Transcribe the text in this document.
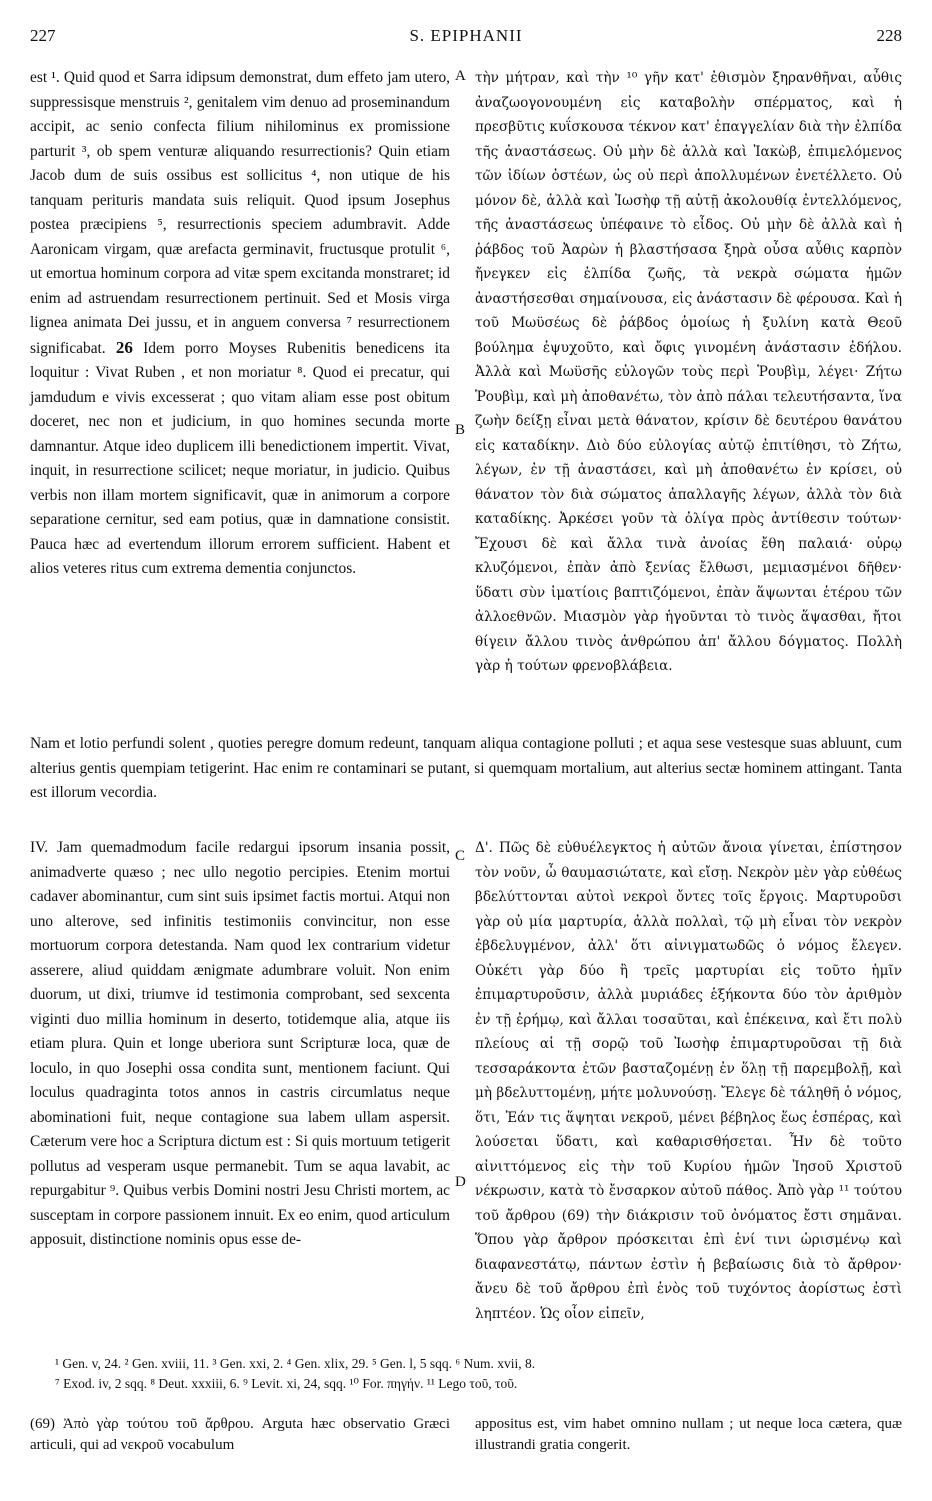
227	S. EPIPHANII	228
A
B
C
D

est ¹. Quid quod et Sarra idipsum demonstrat, dum effeto jam utero, suppressisque menstruis ², genitalem vim denuo ad proseminandum accipit, ac senio confecta filium nihilominus ex promissione parturit ³, ob spem venturæ aliquando resurrectionis? Quin etiam Jacob dum de suis ossibus est sollicitus ⁴, non utique de his tanquam perituris mandata suis reliquit. Quod ipsum Josephus postea præcipiens ⁵, resurrectionis speciem adumbravit. Adde Aaronicam virgam, quæ arefacta germinavit, fructusque protulit ⁶, ut emortua hominum corpora ad vitæ spem excitanda monstraret; id enim ad astruendam resurrectionem pertinuit. Sed et Mosis virga lignea animata Dei jussu, et in anguem conversa ⁷ resurrectionem significabat. 26 Idem porro Moyses Rubenitis benedicens ita loquitur : Vivat Ruben , et non moriatur ⁸. Quod ei precatur, qui jamdudum e vivis excesserat ; quo vitam aliam esse post obitum doceret, nec non et judicium, in quo homines secunda morte damnantur. Atque ideo duplicem illi benedictionem impertit. Vivat, inquit, in resurrectione scilicet; neque moriatur, in judicio. Quibus verbis non illam mortem significavit, quæ in animorum a corpore separatione cernitur, sed eam potius, quæ in damnatione consistit. Pauca hæc ad evertendum illorum errorem sufficient. Habent et alios veteres ritus cum extrema dementia conjunctos.

τὴν μήτραν, καὶ τὴν ¹⁰ γῆν κατ' ἐθισμὸν ξηρανθῆναι, αὖθις ἀναζωογονουμένη εἰς καταβολὴν σπέρματος, καὶ ἡ πρεσβῦτις κυΐσκουσα τέκνον κατ' ἐπαγγελίαν διὰ τὴν ἐλπίδα τῆς ἀναστάσεως. Οὐ μὴν δὲ ἀλλὰ καὶ Ἰακὼβ, ἐπιμελόμενος τῶν ἰδίων ὀστέων, ὡς οὐ περὶ ἀπολλυμένων ἐνετέλλετο. Οὐ μόνον δὲ, ἀλλὰ καὶ Ἰωσὴφ τῇ αὐτῇ ἀκολουθίᾳ ἐντελλόμενος, τῆς ἀναστάσεως ὑπέφαινε τὸ εἶδος. Οὐ μὴν δὲ ἀλλὰ καὶ ἡ ῥάβδος τοῦ Ἀαρὼν ἡ βλαστήσασα ξηρὰ οὖσα αὖθις καρπὸν ἤνεγκεν εἰς ἐλπίδα ζωῆς, τὰ νεκρὰ σώματα ἡμῶν ἀναστήσεσθαι σημαίνουσα, εἰς ἀνάστασιν δὲ φέρουσα. Καὶ ἡ τοῦ Μωϋσέως δὲ ῥάβδος ὁμοίως ἡ ξυλίνη κατὰ Θεοῦ βούλημα ἐψυχοῦτο, καὶ ὄφις γινομένη ἀνάστασιν ἐδήλου. Ἀλλὰ καὶ Μωϋσῆς εὐλογῶν τοὺς περὶ Ῥουβὶμ, λέγει· Ζήτω Ῥουβὶμ, καὶ μὴ ἀποθανέτω, τὸν ἀπὸ πάλαι τελευτήσαντα, ἵνα ζωὴν δείξῃ εἶναι μετὰ θάνατον, κρίσιν δὲ δευτέρου θανάτου εἰς καταδίκην. Διὸ δύο εὐλογίας αὐτῷ ἐπιτίθησι, τὸ Ζήτω, λέγων, ἐν τῇ ἀναστάσει, καὶ μὴ ἀποθανέτω ἐν κρίσει, οὐ θάνατον τὸν διὰ σώματος ἀπαλλαγῆς λέγων, ἀλλὰ τὸν διὰ καταδίκης. Ἀρκέσει γοῦν τὰ ὀλίγα πρὸς ἀντίθεσιν τούτων· Ἔχουσι δὲ καὶ ἄλλα τινὰ ἀνοίας ἔθη παλαιά· οὐρῳ κλυζόμενοι, ἐπὰν ἀπὸ ξενίας ἔλθωσι, μεμιασμένοι δῆθεν· ὕδατι σὺν ἱματίοις βαπτιζόμενοι, ἐπὰν ἅψωνται ἑτέρου τῶν ἀλλοεθνῶν. Μιασμὸν γὰρ ἡγοῦνται τὸ τινὸς ἅψασθαι, ἤτοι θίγειν ἄλλου τινὸς ἀνθρώπου ἀπ' ἄλλου δόγματος. Πολλὴ γὰρ ἡ τούτων φρενοβλάβεια.

Nam et lotio perfundi solent , quoties peregre domum redeunt, tanquam aliqua contagione polluti ; et aqua sese vestesque suas abluunt, cum alterius gentis quempiam tetigerint. Hac enim re contaminari se putant, si quemquam mortalium, aut alterius sectæ hominem attingant. Tanta est illorum vecordia.

IV. Jam quemadmodum facile redargui ipsorum insania possit, animadverte quæso ; nec ullo negotio percipies. Etenim mortui cadaver abominantur, cum sint suis ipsimet factis mortui. Atqui non uno alterove, sed infinitis testimoniis convincitur, non esse mortuorum corpora detestanda. Nam quod lex contrarium videtur asserere, aliud quiddam ænigmate adumbrare voluit. Non enim duorum, ut dixi, triumve id testimonia comprobant, sed sexcenta viginti duo millia hominum in deserto, totidemque alia, atque iis etiam plura. Quin et longe uberiora sunt Scripturæ loca, quæ de loculo, in quo Josephi ossa condita sunt, mentionem faciunt. Qui loculus quadraginta totos annos in castris circumlatus neque abominationi fuit, neque contagione sua labem ullam aspersit. Cæterum vere hoc a Scriptura dictum est : Si quis mortuum tetigerit pollutus ad vesperam usque permanebit. Tum se aqua lavabit, ac repurgabitur ⁹. Quibus verbis Domini nostri Jesu Christi mortem, ac susceptam in corpore passionem innuit. Ex eo enim, quod articulum apposuit, distinctione nominis opus esse de-

Δ'. Πῶς δὲ εὐθυέλεγκτος ἡ αὐτῶν ἄνοια γίνεται, ἐπίστησον τὸν νοῦν, ὦ θαυμασιώτατε, καὶ εἴσῃ. Νεκρὸν μὲν γὰρ εὐθέως βδελύττονται αὐτοὶ νεκροὶ ὄντες τοῖς ἔργοις. Μαρτυροῦσι γὰρ οὐ μία μαρτυρία, ἀλλὰ πολλαὶ, τῷ μὴ εἶναι τὸν νεκρὸν ἐβδελυγμένον, ἀλλ' ὅτι αἰνιγματωδῶς ὁ νόμος ἔλεγεν. Οὐκέτι γὰρ δύο ἢ τρεῖς μαρτυρίαι εἰς τοῦτο ἡμῖν ἐπιμαρτυροῦσιν, ἀλλὰ μυριάδες ἑξήκοντα δύο τὸν ἀριθμὸν ἐν τῇ ἐρήμῳ, καὶ ἄλλαι τοσαῦται, καὶ ἐπέκεινα, καὶ ἔτι πολὺ πλείους αἱ τῇ σορῷ τοῦ Ἰωσὴφ ἐπιμαρτυροῦσαι τῇ διὰ τεσσαράκοντα ἐτῶν βασταζομένῃ ἐν ὅλῃ τῇ παρεμβολῇ, καὶ μὴ βδελυττομένῃ, μήτε μολυνούσῃ. Ἔλεγε δὲ τάληθῆ ὁ νόμος, ὅτι, Ἐάν τις ἅψηται νεκροῦ, μένει βέβηλος ἕως ἑσπέρας, καὶ λούσεται ὕδατι, καὶ καθαρισθήσεται. Ἦν δὲ τοῦτο αἰνιττόμενος εἰς τὴν τοῦ Κυρίου ἡμῶν Ἰησοῦ Χριστοῦ νέκρωσιν, κατὰ τὸ ἔνσαρκον αὐτοῦ πάθος. Ἀπὸ γὰρ ¹¹ τούτου τοῦ ἄρθρου (69) τὴν διάκρισιν τοῦ ὀνόματος ἔστι σημᾶναι. Ὅπου γὰρ ἄρθρον πρόσκειται ἐπὶ ἑνί τινι ὡρισμένῳ καὶ διαφανεστάτῳ, πάντων ἐστὶν ἡ βεβαίωσις διὰ τὸ ἄρθρον· ἄνευ δὲ τοῦ ἄρθρου ἐπὶ ἑνὸς τοῦ τυχόντος ἀορίστως ἐστὶ ληπτέον. Ὡς οἷον εἰπεῖν,

¹ Gen. v, 24. ² Gen. xviii, 11. ³ Gen. xxi, 2. ⁴ Gen. xlix, 29. ⁵ Gen. l, 5 sqq. ⁶ Num. xvii, 8.

⁷ Exod. iv, 2 sqq. ⁸ Deut. xxxiii, 6. ⁹ Levit. xi, 24, sqq. ¹⁰ For. πηγήν. ¹¹ Lego τοῦ, τοῦ.

(69) Ἀπὸ γὰρ τούτου τοῦ ἄρθρου. Arguta hæc observatio Græci articuli, qui ad νεκροῦ vocabulum

appositus est, vim habet omnino nullam ; ut neque loca cætera, quæ illustrandi gratia congerit.
